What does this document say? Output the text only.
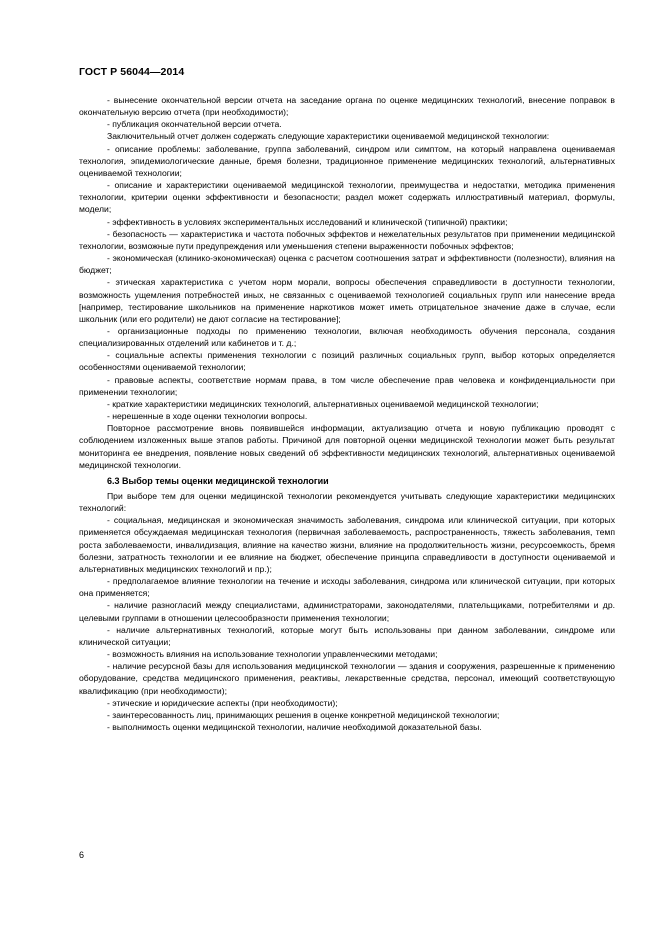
ГОСТ Р 56044—2014

- вынесение окончательной версии отчета на заседание органа по оценке медицинских технологий, внесение поправок в окончательную версию отчета (при необходимости);

- публикация окончательной версии отчета.

Заключительный отчет должен содержать следующие характеристики оцениваемой медицинской технологии:

- описание проблемы: заболевание, группа заболеваний, синдром или симптом, на который направлена оцениваемая технология, эпидемиологические данные, бремя болезни, традиционное применение медицинских технологий, альтернативных оцениваемой технологии;

- описание и характеристики оцениваемой медицинской технологии, преимущества и недостатки, методика применения технологии, критерии оценки эффективности и безопасности; раздел может содержать иллюстративный материал, формулы, модели;

- эффективность в условиях экспериментальных исследований и клинической (типичной) практики;

- безопасность — характеристика и частота побочных эффектов и нежелательных результатов при применении медицинской технологии, возможные пути предупреждения или уменьшения степени выраженности побочных эффектов;

- экономическая (клинико-экономическая) оценка с расчетом соотношения затрат и эффективности (полезности), влияния на бюджет;

- этическая характеристика с учетом норм морали, вопросы обеспечения справедливости в доступности технологии, возможность ущемления потребностей иных, не связанных с оцениваемой технологией социальных групп или нанесение вреда [например, тестирование школьников на применение наркотиков может иметь отрицательное значение даже в случае, если школьник (или его родители) не дают согласие на тестирование];

- организационные подходы по применению технологии, включая необходимость обучения персонала, создания специализированных отделений или кабинетов и т. д.;

- социальные аспекты применения технологии с позиций различных социальных групп, выбор которых определяется особенностями оцениваемой технологии;

- правовые аспекты, соответствие нормам права, в том числе обеспечение прав человека и конфиденциальности при применении технологии;

- краткие характеристики медицинских технологий, альтернативных оцениваемой медицинской технологии;

- нерешенные в ходе оценки технологии вопросы.

Повторное рассмотрение вновь появившейся информации, актуализацию отчета и новую публикацию проводят с соблюдением изложенных выше этапов работы. Причиной для повторной оценки медицинской технологии может быть результат мониторинга ее внедрения, появление новых сведений об эффективности медицинских технологий, альтернативных оцениваемой медицинской технологии.

6.3 Выбор темы оценки медицинской технологии

При выборе тем для оценки медицинской технологии рекомендуется учитывать следующие характеристики медицинских технологий:

- социальная, медицинская и экономическая значимость заболевания, синдрома или клинической ситуации, при которых применяется обсуждаемая медицинская технология (первичная заболеваемость, распространенность, тяжесть заболевания, темп роста заболеваемости, инвалидизация, влияние на качество жизни, влияние на продолжительность жизни, ресурсоемкость, бремя болезни, затратность технологии и ее влияние на бюджет, обеспечение принципа справедливости в доступности оцениваемой и альтернативных медицинских технологий и пр.);

- предполагаемое влияние технологии на течение и исходы заболевания, синдрома или клинической ситуации, при которых она применяется;

- наличие разногласий между специалистами, администраторами, законодателями, плательщиками, потребителями и др. целевыми группами в отношении целесообразности применения технологии;

- наличие альтернативных технологий, которые могут быть использованы при данном заболевании, синдроме или клинической ситуации;

- возможность влияния на использование технологии управленческими методами;

- наличие ресурсной базы для использования медицинской технологии — здания и сооружения, разрешенные к применению оборудование, средства медицинского применения, реактивы, лекарственные средства, персонал, имеющий соответствующую квалификацию (при необходимости);

- этические и юридические аспекты (при необходимости);

- заинтересованность лиц, принимающих решения в оценке конкретной медицинской технологии;

- выполнимость оценки медицинской технологии, наличие необходимой доказательной базы.

6
